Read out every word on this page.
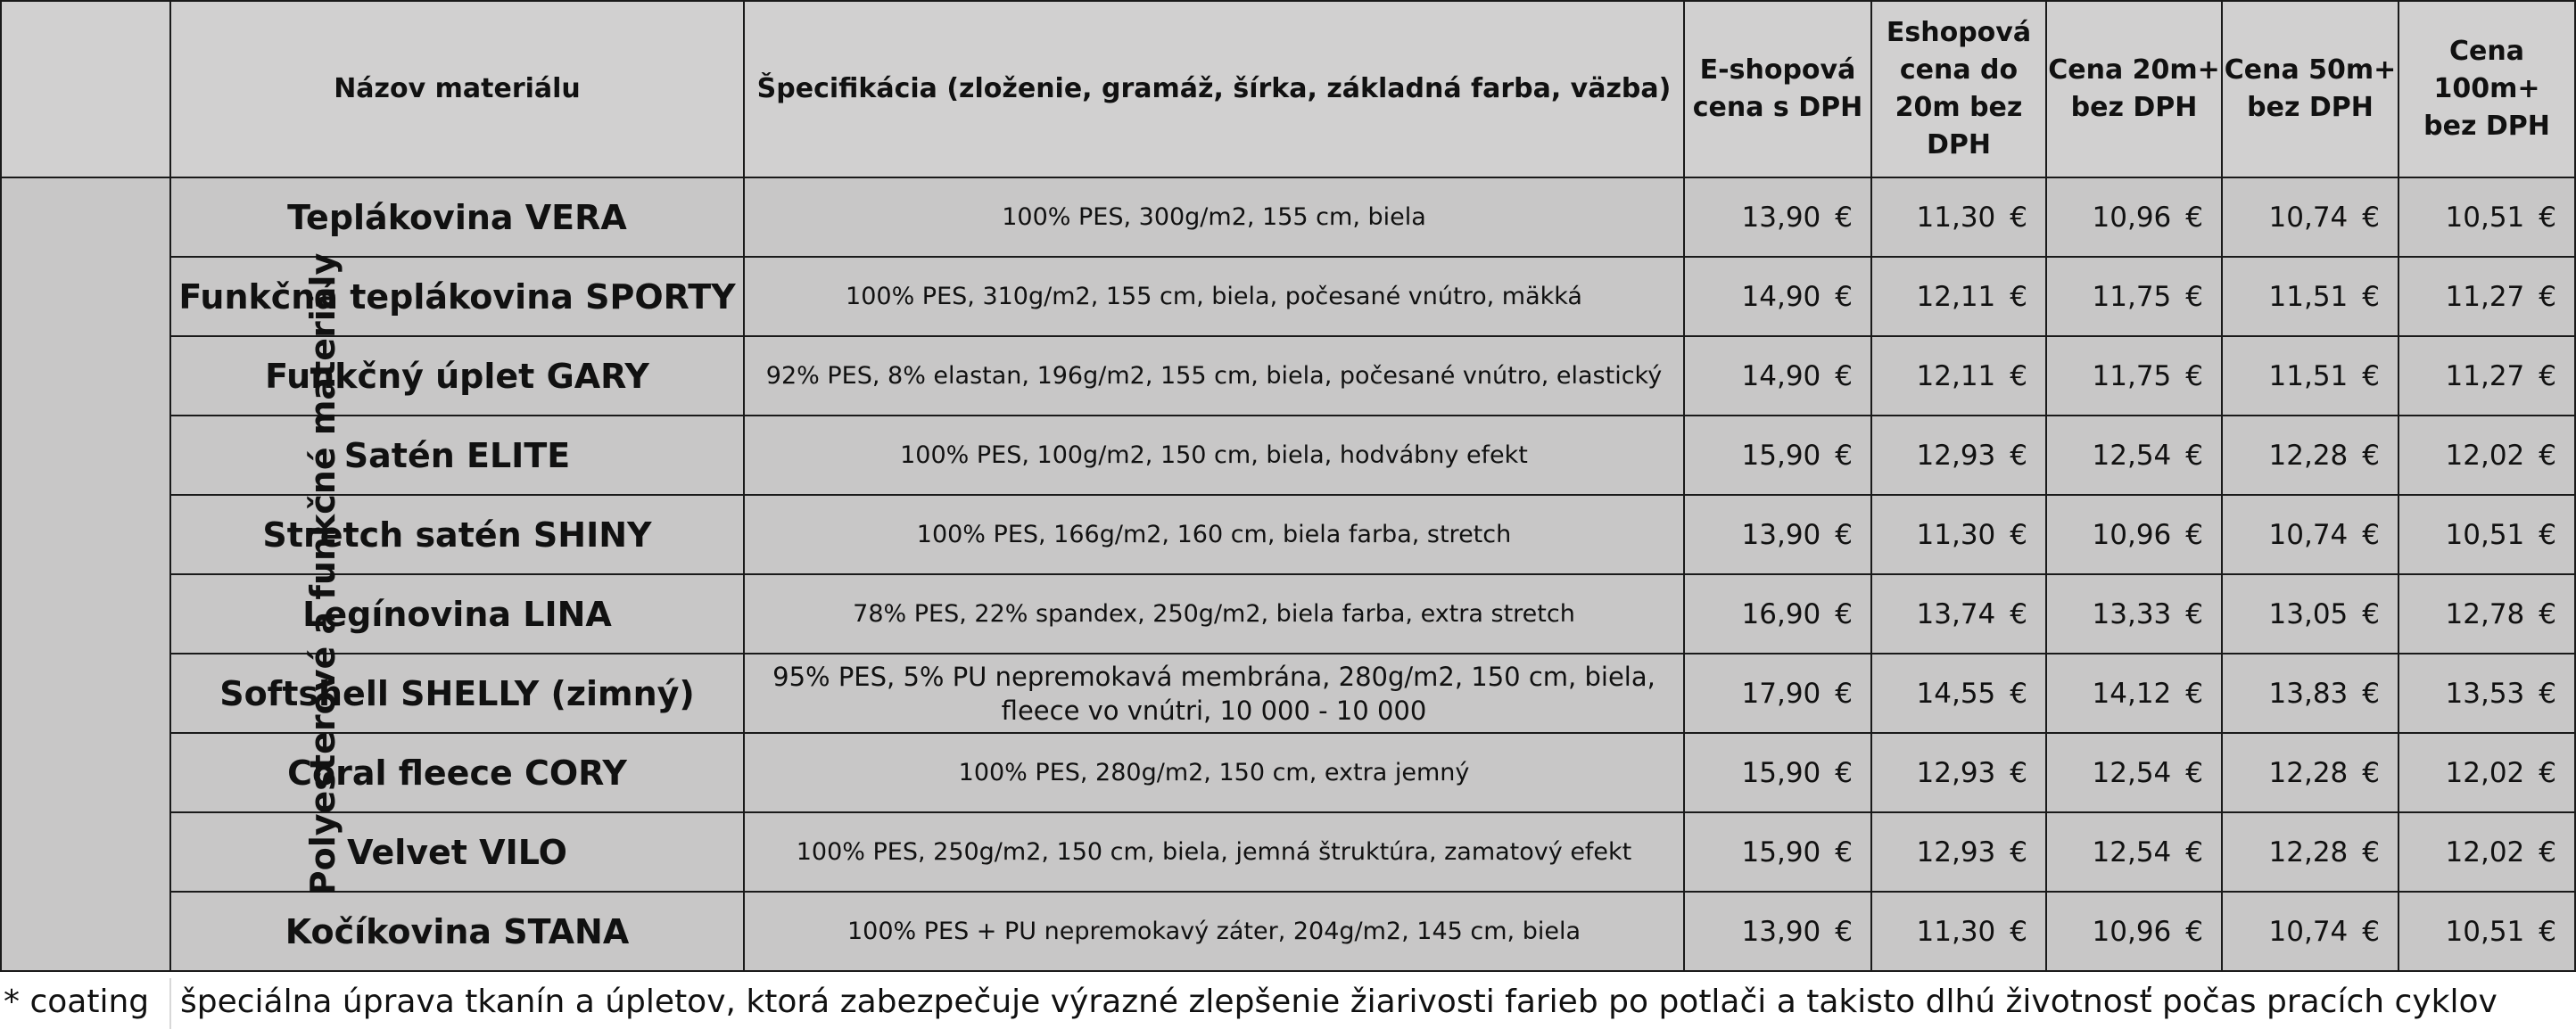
	Názov materiálu	Špecifikácia (zloženie, gramáž, šírka, základná farba, väzba)	E-shopová
cena s DPH	Eshopová
cena do
20m bez
DPH	Cena 20m+
bez DPH	Cena 50m+
bez DPH	Cena 100m+
bez DPH

Polyesterové a funkčné materiály	Teplákovina VERA	100% PES, 300g/m2, 155 cm, biela	13,90 €	11,30 €	10,96 €	10,74 €	10,51 €
	Funkčná teplákovina SPORTY	100% PES, 310g/m2, 155 cm, biela, počesané vnútro, mäkká	14,90 €	12,11 €	11,75 €	11,51 €	11,27 €
	Funkčný úplet GARY	92% PES, 8% elastan, 196g/m2, 155 cm, biela, počesané vnútro, elastický	14,90 €	12,11 €	11,75 €	11,51 €	11,27 €
	Satén ELITE	100% PES, 100g/m2, 150 cm, biela, hodvábny efekt	15,90 €	12,93 €	12,54 €	12,28 €	12,02 €
	Stretch satén SHINY	100% PES, 166g/m2, 160 cm, biela farba, stretch	13,90 €	11,30 €	10,96 €	10,74 €	10,51 €
	Legínovina LINA	78% PES, 22% spandex, 250g/m2, biela farba, extra stretch	16,90 €	13,74 €	13,33 €	13,05 €	12,78 €
	Softshell SHELLY (zimný)	95% PES, 5% PU nepremokavá membrána, 280g/m2, 150 cm, biela, fleece vo vnútri, 10 000 - 10 000	17,90 €	14,55 €	14,12 €	13,83 €	13,53 €
	Coral fleece CORY	100% PES, 280g/m2, 150 cm, extra jemný	15,90 €	12,93 €	12,54 €	12,28 €	12,02 €
	Velvet VILO	100% PES, 250g/m2, 150 cm, biela, jemná štruktúra, zamatový efekt	15,90 €	12,93 €	12,54 €	12,28 €	12,02 €
	Kočíkovina STANA	100% PES + PU nepremokavý záter, 204g/m2, 145 cm, biela	13,90 €	11,30 €	10,96 €	10,74 €	10,51 €
* coating špeciálna úprava tkanín a úpletov, ktorá zabezpečuje výrazné zlepšenie žiarivosti farieb po potlači a takisto dlhú životnosť počas pracích cyklov
